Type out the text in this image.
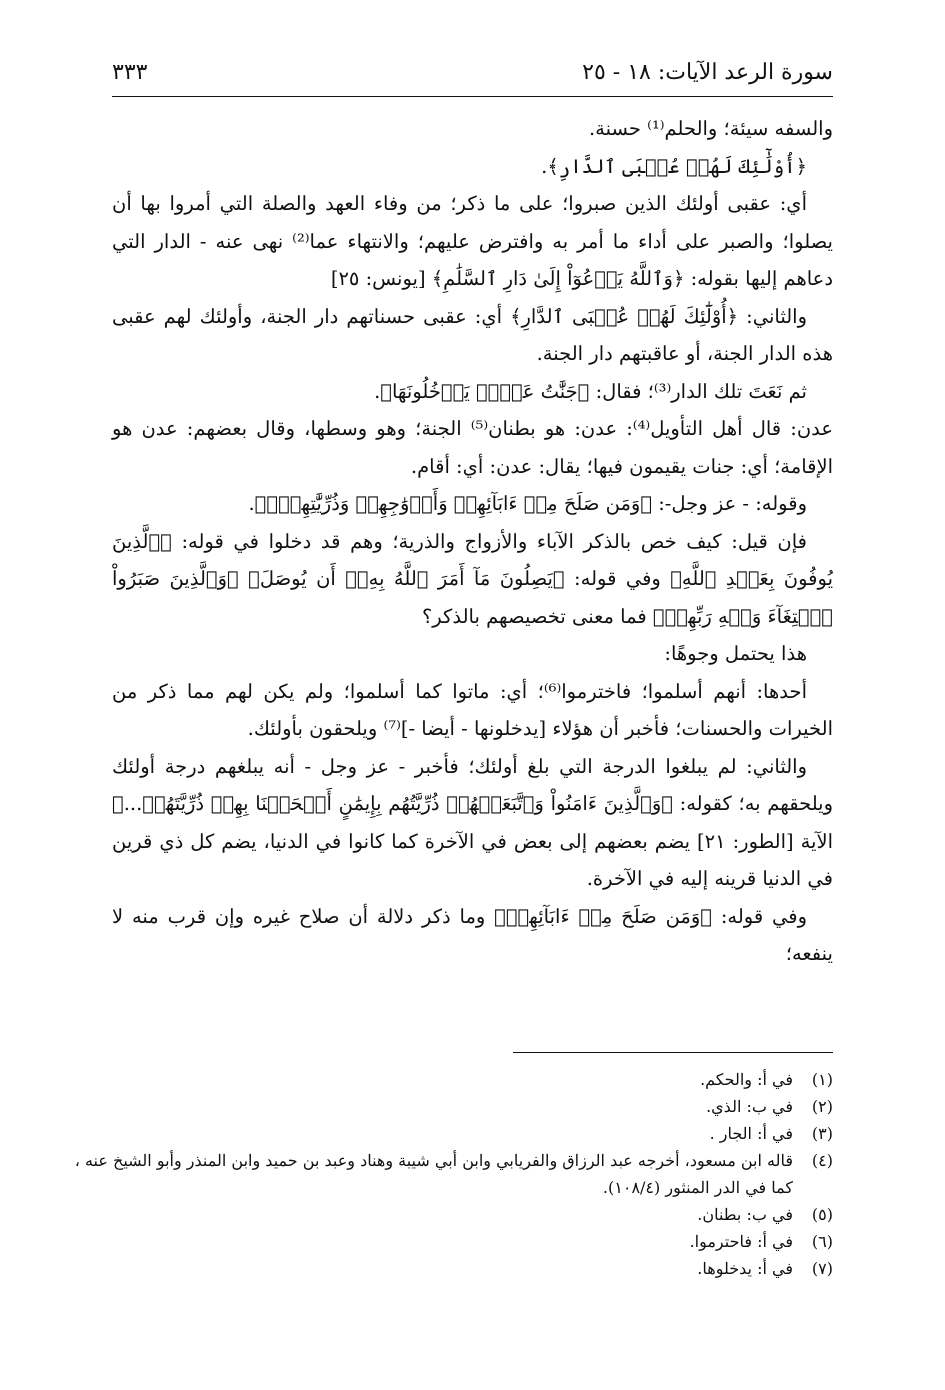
سورة الرعد الآيات: ١٨ - ٢٥
٣٣٣

والسفه سيئة؛ والحلم⁽¹⁾ حسنة.

﴿أُوْلَٰٓئِكَ لَهُمۡ عُقۡبَى ٱلدَّارِ﴾.

أي: عقبى أولئك الذين صبروا؛ على ما ذكر؛ من وفاء العهد والصلة التي أمروا بها أن يصلوا؛ والصبر على أداء ما أمر به وافترض عليهم؛ والانتهاء عما⁽²⁾ نهى عنه - الدار التي دعاهم إليها بقوله: ﴿وَٱللَّهُ يَدۡعُوٓاْ إِلَىٰ دَارِ ٱلسَّلَٰمِ﴾ [يونس: ٢٥]

والثاني: ﴿أُوْلَٰٓئِكَ لَهُمۡ عُقۡبَى ٱلدَّارِ﴾ أي: عقبى حسناتهم دار الجنة، وأولئك لهم عقبى هذه الدار الجنة، أو عاقبتهم دار الجنة.

ثم نَعَتَ تلك الدار⁽³⁾؛ فقال: ﴿جَنَّٰتُ عَدۡنٖ يَدۡخُلُونَهَا﴾.

عدن: قال أهل التأويل⁽⁴⁾: عدن: هو بطنان⁽⁵⁾ الجنة؛ وهو وسطها، وقال بعضهم: عدن هو الإقامة؛ أي: جنات يقيمون فيها؛ يقال: عدن: أي: أقام.

وقوله: - عز وجل-: ﴿وَمَن صَلَحَ مِنۡ ءَابَآئِهِمۡ وَأَزۡوَٰجِهِمۡ وَذُرِّيَّٰتِهِمۡۖ﴾.

فإن قيل: كيف خص بالذكر الآباء والأزواج والذرية؛ وهم قد دخلوا في قوله: ﴿ٱلَّذِينَ يُوفُونَ بِعَهۡدِ ٱللَّهِ﴾ وفي قوله: ﴿يَصِلُونَ مَآ أَمَرَ ٱللَّهُ بِهِۦٓ أَن يُوصَلَ﴾ ﴿وَٱلَّذِينَ صَبَرُواْ ٱبۡتِغَآءَ وَجۡهِ رَبِّهِمۡ﴾ فما معنى تخصيصهم بالذكر؟

هذا يحتمل وجوهًا:

أحدها: أنهم أسلموا؛ فاخترموا⁽⁶⁾؛ أي: ماتوا كما أسلموا؛ ولم يكن لهم مما ذكر من الخيرات والحسنات؛ فأخبر أن هؤلاء [يدخلونها - أيضا -]⁽⁷⁾ ويلحقون بأولئك.

والثاني: لم يبلغوا الدرجة التي بلغ أولئك؛ فأخبر - عز وجل - أنه يبلغهم درجة أولئك ويلحقهم به؛ كقوله: ﴿وَٱلَّذِينَ ءَامَنُواْ وَٱتَّبَعَتۡهُمۡ ذُرِّيَّتُهُم بِإِيمَٰنٍ أَلۡحَقۡنَا بِهِمۡ ذُرِّيَّتَهُمۡ...﴾ الآية [الطور: ٢١] يضم بعضهم إلى بعض في الآخرة كما كانوا في الدنيا، يضم كل ذي قرين في الدنيا قرينه إليه في الآخرة.

وفي قوله: ﴿وَمَن صَلَحَ مِنۡ ءَابَآئِهِمۡ﴾ وما ذكر دلالة أن صلاح غيره وإن قرب منه لا ينفعه؛

(١)
في أ: والحكم.
(٢)
في ب: الذي.
(٣)
في أ: الجار .
(٤)
قاله ابن مسعود، أخرجه عبد الرزاق والفريابي وابن أبي شيبة وهناد وعبد بن حميد وابن المنذر وأبو الشيخ عنه ، كما في الدر المنثور (١٠٨/٤).
(٥)
في ب: بطنان.
(٦)
في أ: فاحترموا.
(٧)
في أ: يدخلوها.
